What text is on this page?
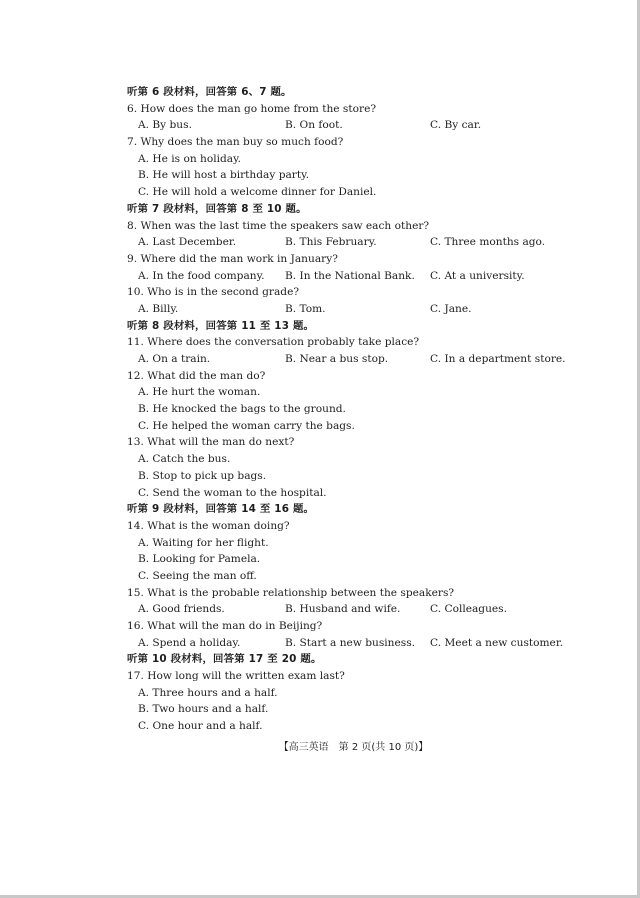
听第 6 段材料，回答第 6、7 题。
6. How does the man go home from the store?
A. By bus.	B. On foot.	C. By car.
7. Why does the man buy so much food?
A. He is on holiday.
B. He will host a birthday party.
C. He will hold a welcome dinner for Daniel.
听第 7 段材料，回答第 8 至 10 题。
8. When was the last time the speakers saw each other?
A. Last December.	B. This February.	C. Three months ago.
9. Where did the man work in January?
A. In the food company. B. In the National Bank. C. At a university.
10. Who is in the second grade?
A. Billy.	B. Tom.	C. Jane.
听第 8 段材料，回答第 11 至 13 题。
11. Where does the conversation probably take place?
A. On a train.	B. Near a bus stop.	C. In a department store.
12. What did the man do?
A. He hurt the woman.
B. He knocked the bags to the ground.
C. He helped the woman carry the bags.
13. What will the man do next?
A. Catch the bus.
B. Stop to pick up bags.
C. Send the woman to the hospital.
听第 9 段材料，回答第 14 至 16 题。
14. What is the woman doing?
A. Waiting for her flight.
B. Looking for Pamela.
C. Seeing the man off.
15. What is the probable relationship between the speakers?
A. Good friends.	B. Husband and wife.	C. Colleagues.
16. What will the man do in Beijing?
A. Spend a holiday.	B. Start a new business. C. Meet a new customer.
听第 10 段材料，回答第 17 至 20 题。
17. How long will the written exam last?
A. Three hours and a half.
B. Two hours and a half.
C. One hour and a half.
【高三英语　第 2 页(共 10 页)】
